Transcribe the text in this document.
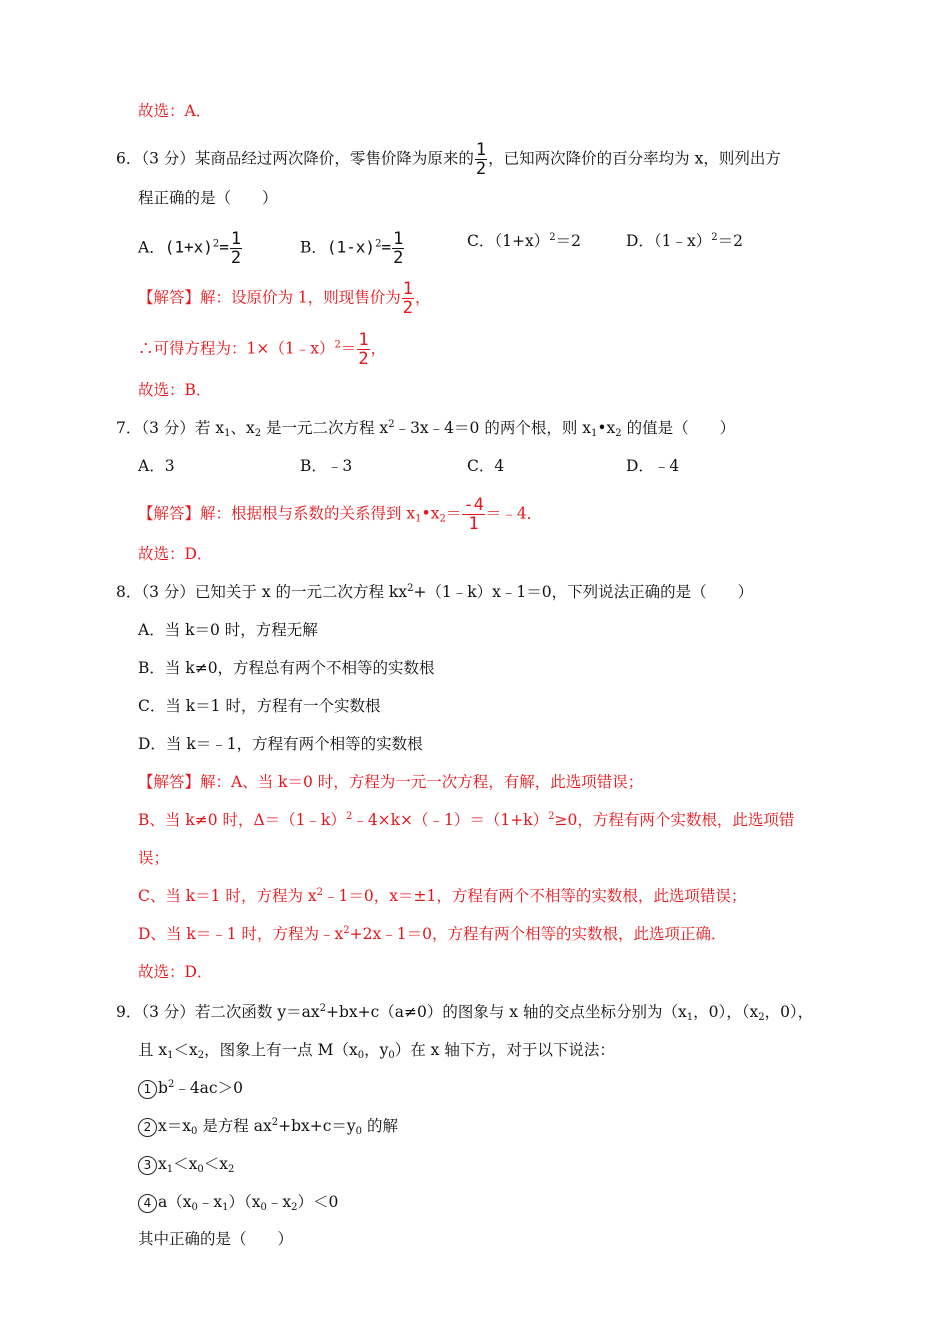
故选：A．
6．（3 分）某商品经过两次降价，零售价降为原来的 $\frac{1}{2}$ ，已知两次降价的百分率均为 x，则列出方
程正确的是（　　）
A．$(1+x)^2= \frac{1}{2}$	B．$(1-x)^2= \frac{1}{2}$	C．$(1+x)^2=2$	D．（1﹣x）$^2$＝2
【解答】解：设原价为 1，则现售价为 $\frac{1}{2}$ ，
∴可得方程为：1×（1﹣x）$^2$＝ $\frac{1}{2}$ ，
故选：B．
7．（3 分）若 $x_1$、$x_2$ 是一元二次方程 $x^2﹣3x﹣4=0$ 的两个根，则 $x_1•x_2$ 的值是（　　）
A．3	B．﹣3	C．4	D．﹣4
【解答】解：根据根与系数的关系得到 $x_1•x_2= \frac{-4}{1}$ ＝﹣4．
故选：D．
8．（3 分）已知关于 x 的一元二次方程 $kx^2+(1﹣k)x﹣1=0$，下列说法正确的是（　　）
A．当 k＝0 时，方程无解
B．当 k≠0，方程总有两个不相等的实数根
C．当 k＝1 时，方程有一个实数根
D．当 k＝﹣1，方程有两个相等的实数根
【解答】解：A、当 k＝0 时，方程为一元一次方程，有解，此选项错误；
B、当 k≠0 时，$\Delta=(1﹣k)^2﹣4\times k\times(﹣1)=(1+k)^2\ge 0$，方程有两个实数根，此选项错
误；
C、当 k＝1 时，方程为 $x^2﹣1=0$，x＝±1，方程有两个不相等的实数根，此选项错误；
D、当 k＝﹣1 时，方程为$﹣x^2+2x﹣1=0$，方程有两个相等的实数根，此选项正确．
故选：D．
9．（3 分）若二次函数 $y=ax^2+bx+c(a\ne 0)$的图象与 x 轴的交点坐标分别为（$x_1$，0），（$x_2$，0），
且 $x_1<x_2$，图象上有一点 $M(x_0$，$y_0$）在 x 轴下方，对于以下说法：
1 $b^2﹣4ac>0$
2 $x=x_0$ 是方程 $ax^2+bx+c=y_0$ 的解
3 $x_1<x_0<x_2$
4 $a(x_0﹣x_1)(x_0﹣x_2)<0$
其中正确的是（　　）
